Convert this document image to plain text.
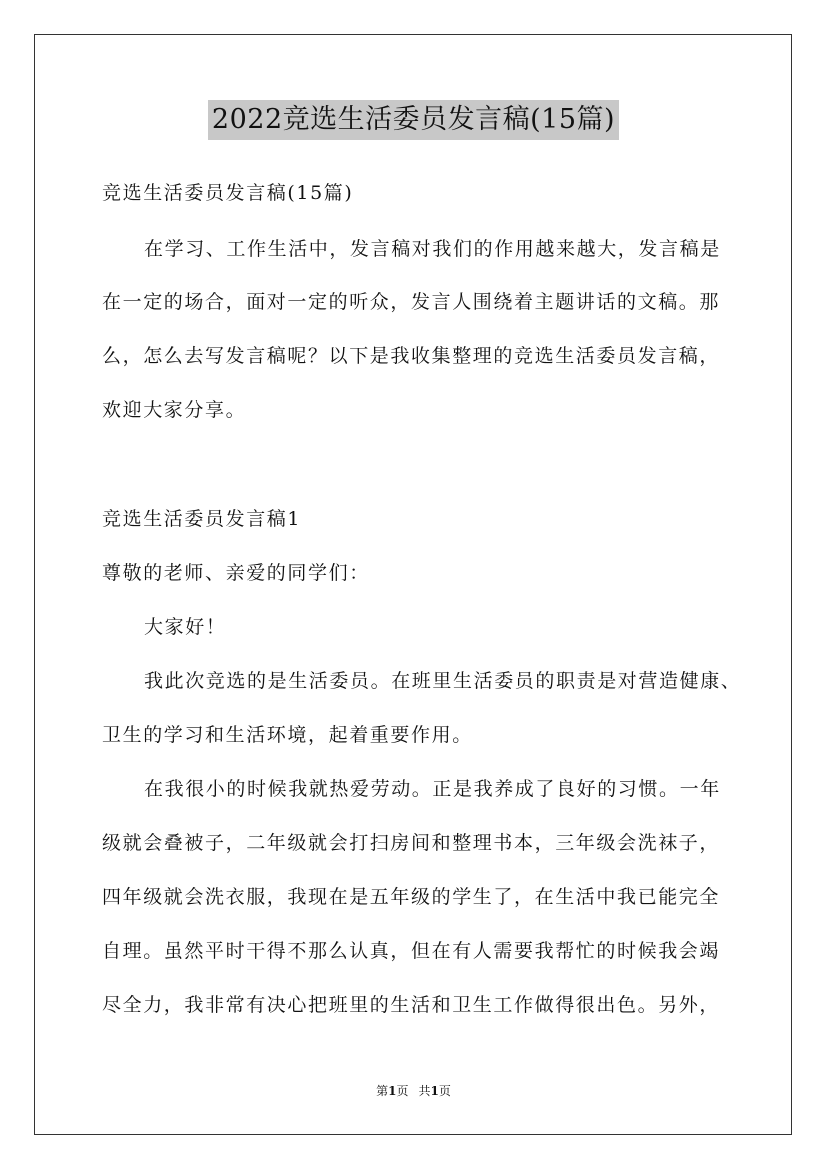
2022竞选生活委员发言稿(15篇)
竞选生活委员发言稿(15篇)
在学习、工作生活中，发言稿对我们的作用越来越大，发言稿是
在一定的场合，面对一定的听众，发言人围绕着主题讲话的文稿。那
么，怎么去写发言稿呢？以下是我收集整理的竞选生活委员发言稿，
欢迎大家分享。
竞选生活委员发言稿1
尊敬的老师、亲爱的同学们：
大家好！
我此次竞选的是生活委员。在班里生活委员的职责是对营造健康、
卫生的学习和生活环境，起着重要作用。
在我很小的时候我就热爱劳动。正是我养成了良好的习惯。一年
级就会叠被子，二年级就会打扫房间和整理书本，三年级会洗袜子，
四年级就会洗衣服，我现在是五年级的学生了，在生活中我已能完全
自理。虽然平时干得不那么认真，但在有人需要我帮忙的时候我会竭
尽全力，我非常有决心把班里的生活和卫生工作做得很出色。另外，
第1页 共1页
